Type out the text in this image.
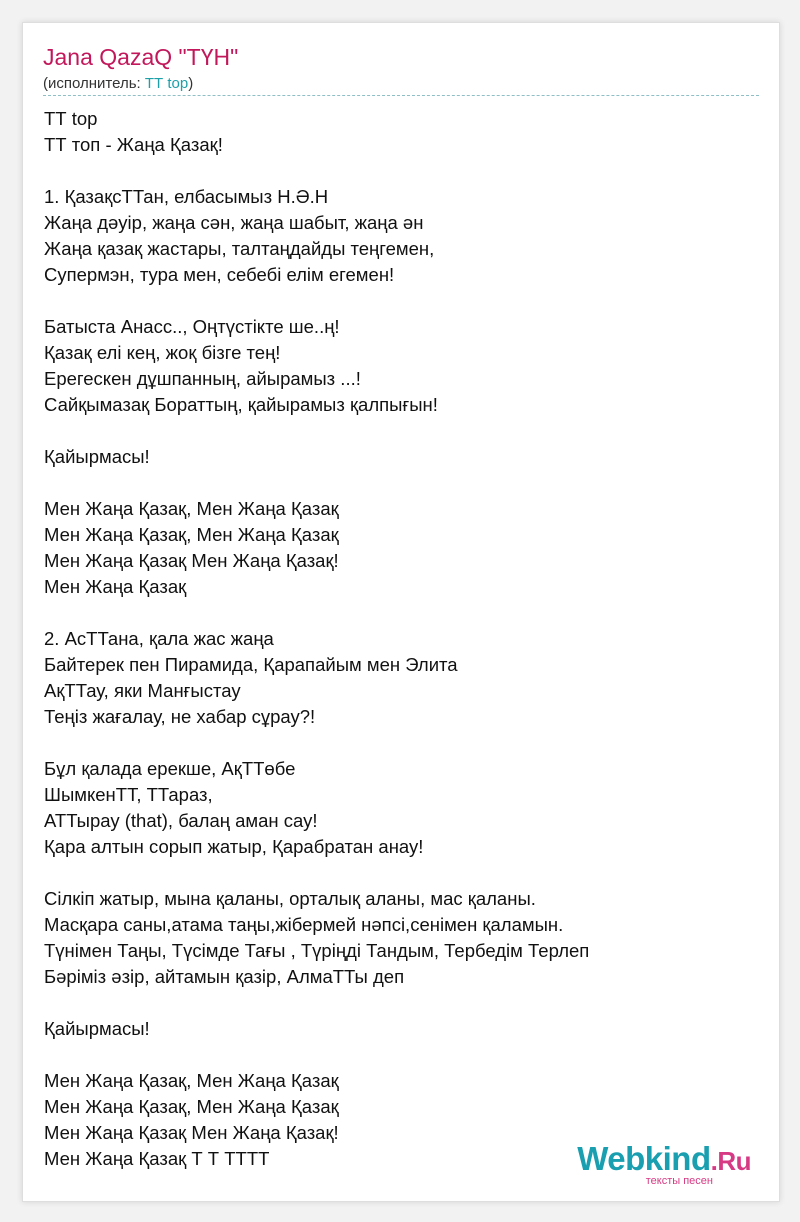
Jana QazaQ "ТҮН"
(исполнитель: ТТ top)
ТТ top
ТТ топ - Жаңа Қазақ!
1. ҚазақсТТан, елбасымыз Н.Ә.Н
Жаңа дәуір, жаңа сән, жаңа шабыт, жаңа ән
Жаңа қазақ жастары, талтаңдайды теңгемен,
Супермэн, тура мен, себебі елім егемен!
Батыста Анасс.., Оңтүстікте ше..ң!
Қазақ елі кең, жоқ бізге тең!
Ерегескен дұшпанның, айырамыз ...!
Сайқымазақ Бораттың, қайырамыз қалпығын!
Қайырмасы!
Мен Жаңа Қазақ, Мен Жаңа Қазақ
Мен Жаңа Қазақ, Мен Жаңа Қазақ
Мен Жаңа Қазақ Мен Жаңа Қазақ!
Мен Жаңа Қазақ
2. АсТТана, қала жас жаңа
Байтерек пен Пирамида, Қарапайым мен Элита
АқТТау, яки Манғыстау
Теңіз жағалау, не хабар сұрау?!
Бұл қалада ерекше, АқТТөбе
ШымкенТТ, ТТараз,
АТТырау (that), балаң аман сау!
Қара алтын сорып жатыр, Қарабратан анау!
Сілкіп жатыр, мына қаланы, орталық аланы, мас қаланы.
Масқара саны,атама таңы,жібермей нәпсі,сенімен қаламын.
Түнімен Таңы, Түсімде Тағы , Түріңді Тандым, Тербедім Терлеп
Бәріміз әзір, айтамын қазір, АлмаТТы деп
Қайырмасы!
Мен Жаңа Қазақ, Мен Жаңа Қазақ
Мен Жаңа Қазақ, Мен Жаңа Қазақ
Мен Жаңа Қазақ Мен Жаңа Қазақ!
Мен Жаңа Қазақ Т Т ТТТТ	Webkind.Ru
тексты песен
